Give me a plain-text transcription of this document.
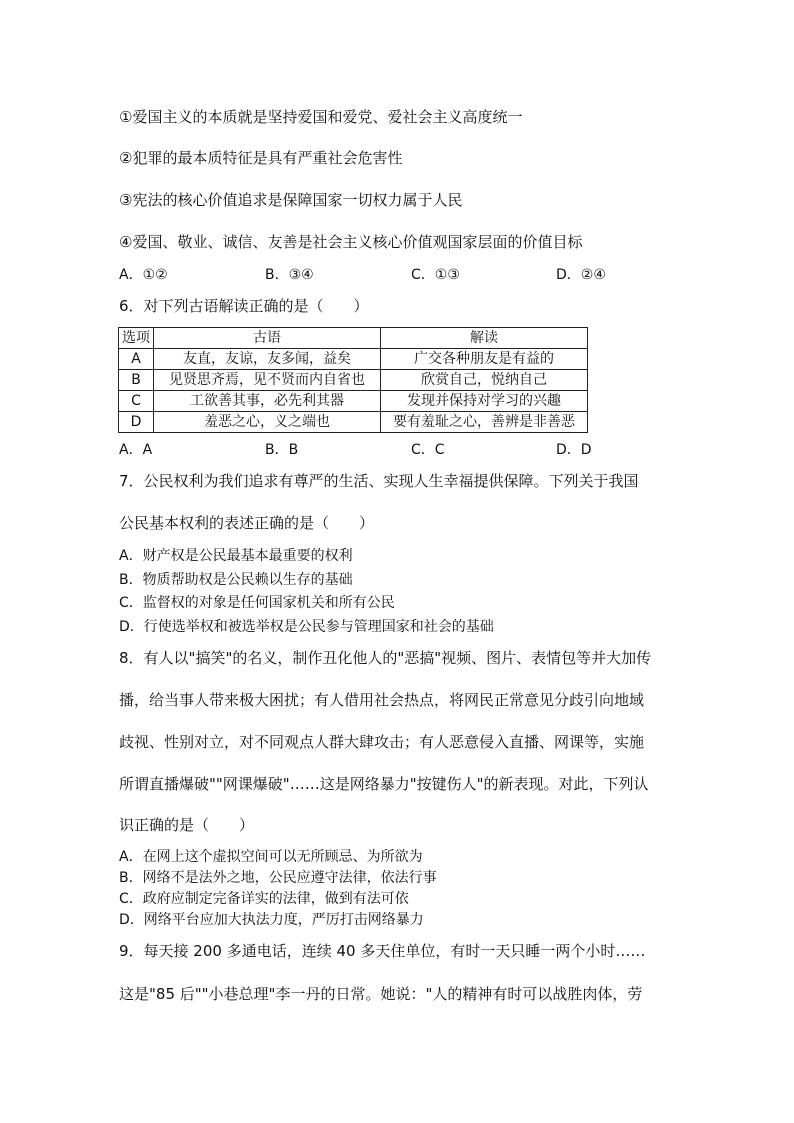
①爱国主义的本质就是坚持爱国和爱党、爱社会主义高度统一
②犯罪的最本质特征是具有严重社会危害性
③宪法的核心价值追求是保障国家一切权力属于人民
④爱国、敬业、诚信、友善是社会主义核心价值观国家层面的价值目标
A．①②	B．③④	C．①③	D．②④
6．对下列古语解读正确的是（　　）
选项	古语	解读
A	友直，友谅，友多闻，益矣	广交各种朋友是有益的
B	见贤思齐焉，见不贤而内自省也	欣赏自己，悦纳自己
C	工欲善其事，必先利其器	发现并保持对学习的兴趣
D	羞恶之心，义之端也	要有羞耻之心，善辨是非善恶
A．A	B．B	C．C	D．D
7．公民权利为我们追求有尊严的生活、实现人生幸福提供保障。下列关于我国
公民基本权利的表述正确的是（　　）
A．财产权是公民最基本最重要的权利
B．物质帮助权是公民赖以生存的基础
C．监督权的对象是任何国家机关和所有公民
D．行使选举权和被选举权是公民参与管理国家和社会的基础
8．有人以"搞笑"的名义，制作丑化他人的"恶搞"视频、图片、表情包等并大加传
播，给当事人带来极大困扰；有人借用社会热点，将网民正常意见分歧引向地域
歧视、性别对立，对不同观点人群大肆攻击；有人恶意侵入直播、网课等，实施
所谓直播爆破""网课爆破"……这是网络暴力"按键伤人"的新表现。对此，下列认
识正确的是（　　）
A．在网上这个虚拟空间可以无所顾忌、为所欲为
B．网络不是法外之地，公民应遵守法律，依法行事
C．政府应制定完备详实的法律，做到有法可依
D．网络平台应加大执法力度，严厉打击网络暴力
9．每天接 200 多通电话，连续 40 多天住单位，有时一天只睡一两个小时……
这是"85 后""小巷总理"李一丹的日常。她说："人的精神有时可以战胜肉体，劳
